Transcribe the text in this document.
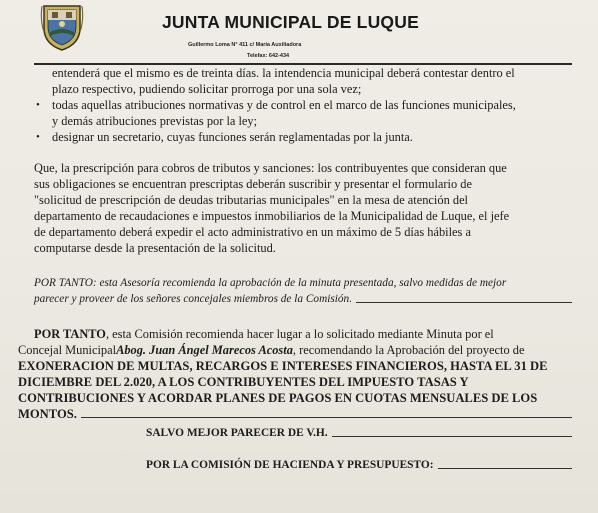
JUNTA MUNICIPAL DE LUQUE
Guillermo Loma N° 411 c/ María Auxiliadora
Telefax: 642-434
entenderá que el mismo es de treinta días. la intendencia municipal deberá contestar dentro el
plazo respectivo, pudiendo solicitar prorroga por una sola vez;
• todas aquellas atribuciones normativas y de control en el marco de las funciones municipales,
y demás atribuciones previstas por la ley;
• designar un secretario, cuyas funciones serán reglamentadas por la junta.
Que, la prescripción para cobros de tributos y sanciones: los contribuyentes que consideran que
sus obligaciones se encuentran prescriptas deberán suscribir y presentar el formulario de
"solicitud de prescripción de deudas tributarias municipales" en la mesa de atención del
departamento de recaudaciones e impuestos inmobiliarios de la Municipalidad de Luque, el jefe
de departamento deberá expedir el acto administrativo en un máximo de 5 días hábiles a
computarse desde la presentación de la solicitud.
POR TANTO: esta Asesoría recomienda la aprobación de la minuta presentada, salvo medidas de mejor
parecer y proveer de los señores concejales miembros de la Comisión.
POR TANTO , esta Comisión recomienda hacer lugar a lo solicitado mediante Minuta por el
Concejal Municipal Abog. Juan Ángel Marecos Acosta , recomendando la Aprobación del proyecto de
EXONERACION DE MULTAS, RECARGOS E INTERESES FINANCIEROS, HASTA EL 31 DE
DICIEMBRE DEL 2.020, A LOS CONTRIBUYENTES DEL IMPUESTO TASAS Y
CONTRIBUCIONES Y ACORDAR PLANES DE PAGOS EN CUOTAS MENSUALES DE LOS
MONTOS.
SALVO MEJOR PARECER DE V.H.
POR LA COMISIÓN DE HACIENDA Y PRESUPUESTO:
